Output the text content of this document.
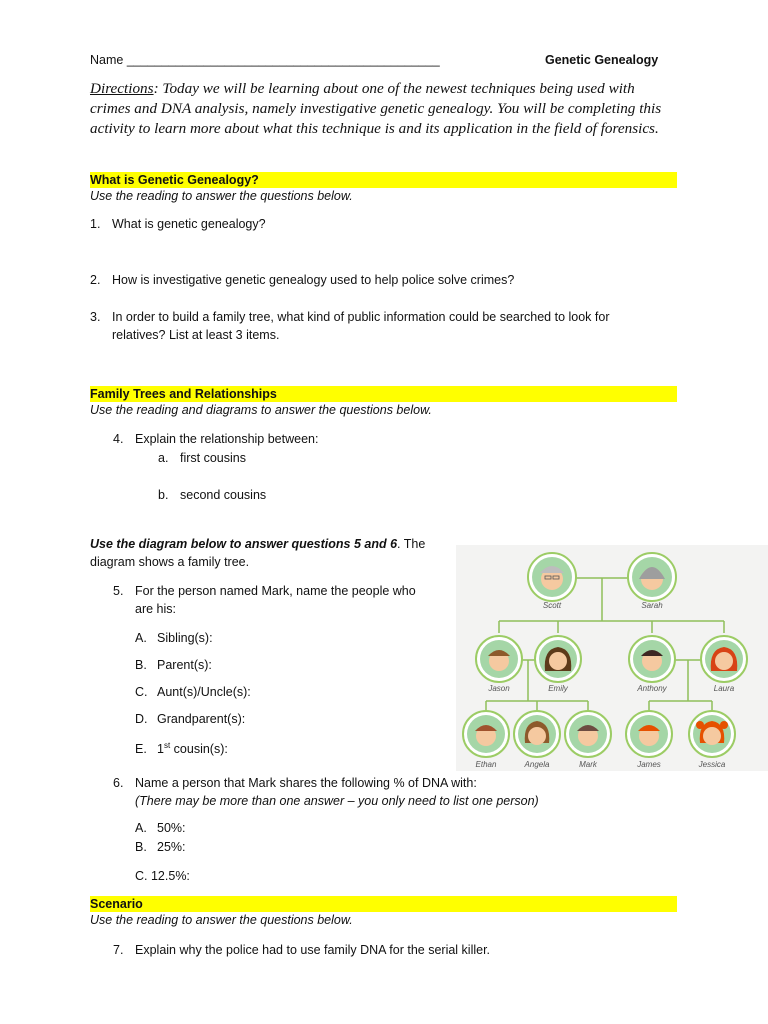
Name _____________________________________________	Genetic Genealogy
Directions: Today we will be learning about one of the newest techniques being used with
crimes and DNA analysis, namely investigative genetic genealogy. You will be completing this
activity to learn more about what this technique is and its application in the field of forensics.
What is Genetic Genealogy?
Use the reading to answer the questions below.
1. What is genetic genealogy?
2. How is investigative genetic genealogy used to help police solve crimes?
3. In order to build a family tree, what kind of public information could be searched to look for
relatives? List at least 3 items.
Family Trees and Relationships
Use the reading and diagrams to answer the questions below.
4. Explain the relationship between:
a. first cousins
b. second cousins
Use the diagram below to answer questions 5 and 6. The
diagram shows a family tree.
5. For the person named Mark, name the people who
are his:
A. Sibling(s):
B. Parent(s):
C. Aunt(s)/Uncle(s):
D. Grandparent(s):
E. 1st cousin(s):
6. Name a person that Mark shares the following % of DNA with:
(There may be more than one answer – you only need to list one person)
A. 50%:
B. 25%:
C. 12.5%:
Scott	Sarah
Jason	Emily	Anthony	Laura
Ethan	Angela	Mark	James	Jessica
Scenario
Use the reading to answer the questions below.
7. Explain why the police had to use family DNA for the serial killer.
